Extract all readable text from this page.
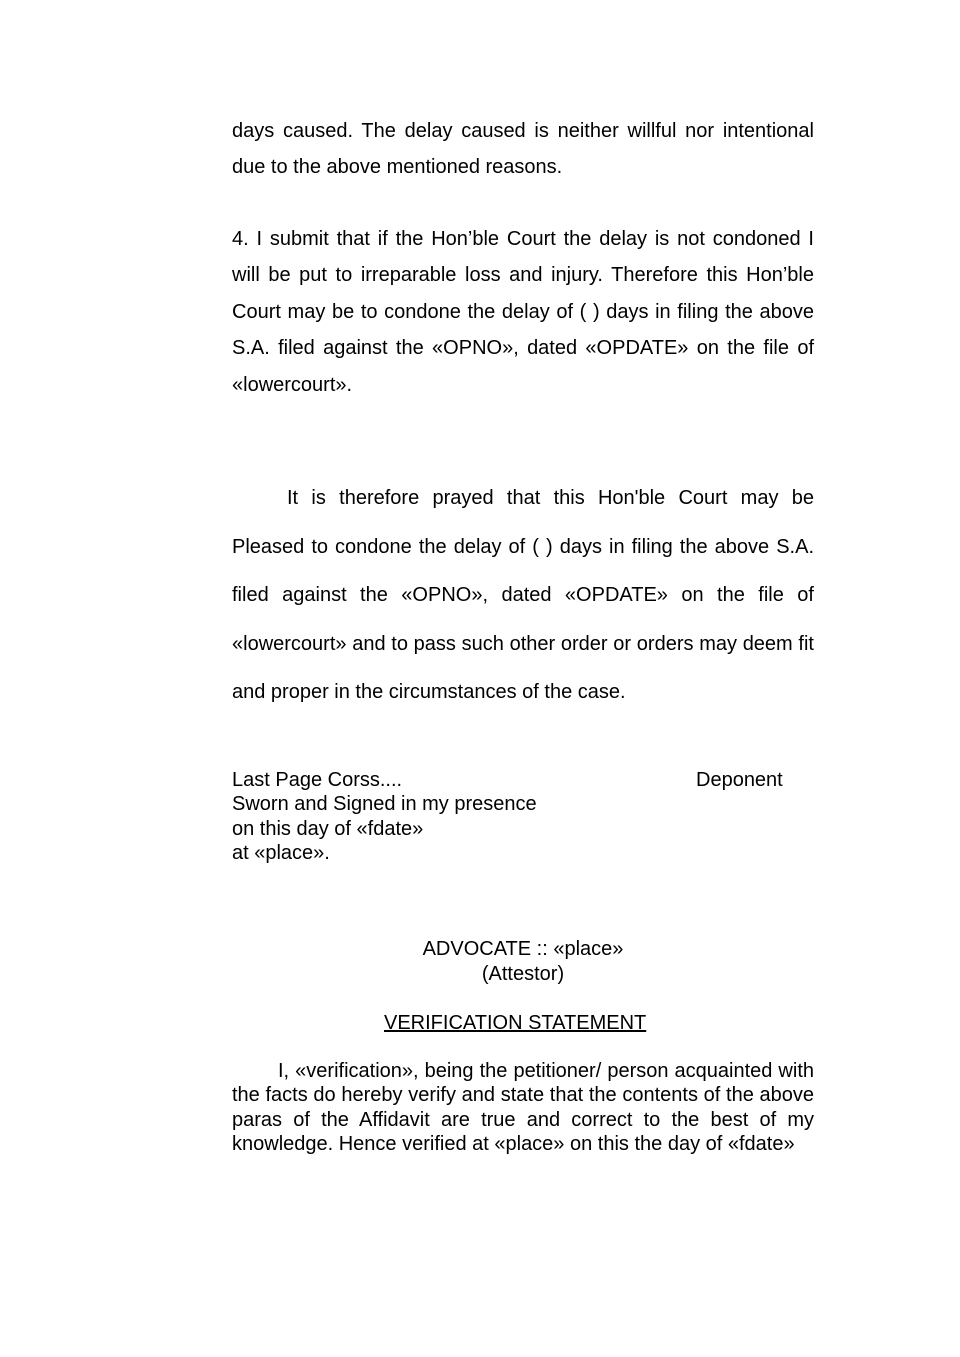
days caused. The delay caused is neither willful nor intentional due to the above mentioned reasons.

4. I submit that if the Hon’ble Court the delay is not condoned I will be put to irreparable loss and injury. Therefore this Hon’ble Court may be to condone the delay of ( ) days in filing the above S.A. filed against the «OPNO», dated «OPDATE» on the file of «lowercourt».

It is therefore prayed that this Hon'ble Court may be Pleased to condone the delay of ( ) days in filing the above S.A. filed against the «OPNO», dated «OPDATE» on the file of «lowercourt» and to pass such other order or orders may deem fit and proper in the circumstances of the case.

Last Page Corss....
Sworn and Signed in my presence
on this day of «fdate»
at «place».
Deponent
ADVOCATE :: «place»
(Attestor)
VERIFICATION STATEMENT

I, «verification», being the petitioner/ person acquainted with the facts do hereby verify and state that the contents of the above paras of the Affidavit are true and correct to the best of my knowledge. Hence verified at «place» on this the day of «fdate»
